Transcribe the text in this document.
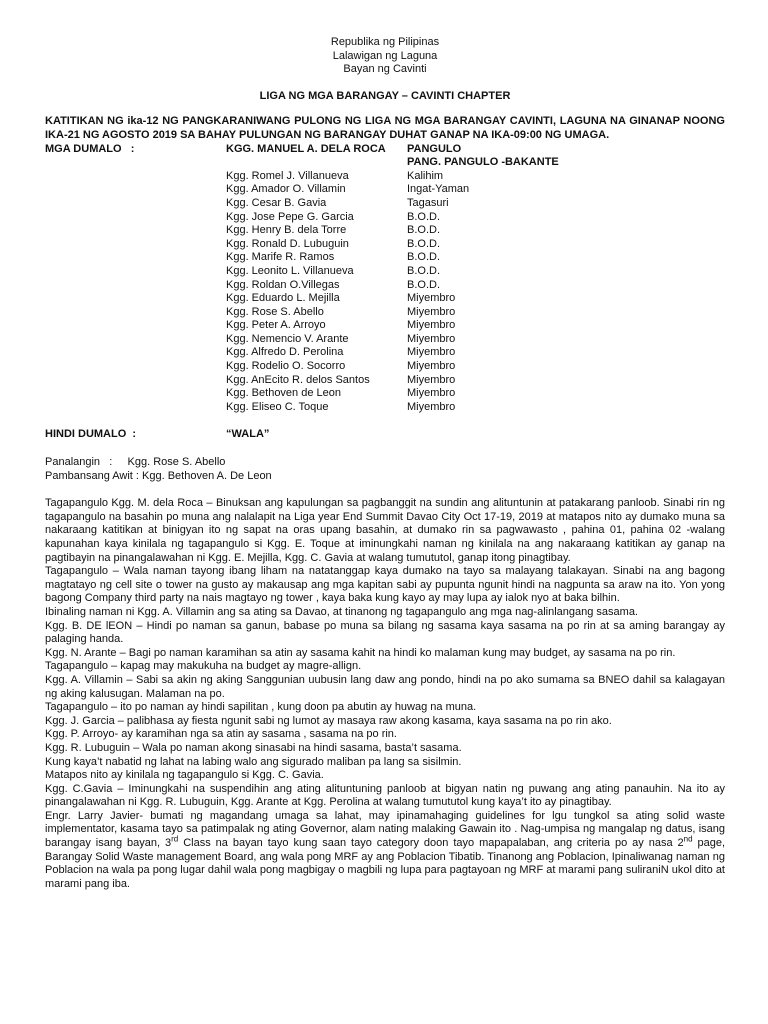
Republika ng Pilipinas
Lalawigan ng Laguna
Bayan ng Cavinti
LIGA NG MGA BARANGAY – CAVINTI CHAPTER
KATITIKAN NG ika-12 NG PANGKARANIWANG PULONG NG LIGA NG MGA BARANGAY CAVINTI, LAGUNA NA GINANAP NOONG IKA-21 NG AGOSTO 2019 SA BAHAY PULUNGAN NG BARANGAY DUHAT GANAP NA IKA-09:00 NG UMAGA.
MGA DUMALO   :	KGG. MANUEL A. DELA ROCA	PANGULO
		PANG. PANGULO -BAKANTE
	Kgg. Romel J. Villanueva	Kalihim
	Kgg. Amador O. Villamin	Ingat-Yaman
	Kgg. Cesar B. Gavia	Tagasuri
	Kgg. Jose Pepe G. Garcia	B.O.D.
	Kgg. Henry B. dela Torre	B.O.D.
	Kgg. Ronald D. Lubuguin	B.O.D.
	Kgg. Marife R. Ramos	B.O.D.
	Kgg. Leonito L. Villanueva	B.O.D.
	Kgg. Roldan O.Villegas	B.O.D.
	Kgg. Eduardo L. Mejilla	Miyembro
	Kgg. Rose S. Abello	Miyembro
	Kgg. Peter A. Arroyo	Miyembro
	Kgg. Nemencio V. Arante	Miyembro
	Kgg. Alfredo D. Perolina	Miyembro
	Kgg. Rodelio O. Socorro	Miyembro
	Kgg. AnEcito R. delos Santos	Miyembro
	Kgg. Bethoven de Leon	Miyembro
	Kgg. Eliseo C. Toque	Miyembro
HINDI DUMALO  :	“WALA”
Panalangin   :     Kgg. Rose S. Abello
Pambansang Awit : Kgg. Bethoven A. De Leon

Tagapangulo Kgg. M. dela Roca – Binuksan ang kapulungan sa pagbanggit na sundin ang alituntunin at patakarang panloob. Sinabi rin ng tagapangulo na basahin po muna ang nalalapit na Liga year End Summit Davao City Oct 17-19, 2019 at matapos nito ay dumako muna sa nakaraang katitikan at binigyan ito ng sapat na oras upang basahin, at dumako rin sa pagwawasto , pahina 01, pahina 02 -walang kapunahan kaya kinilala ng tagapangulo si Kgg. E. Toque at iminungkahi naman ng kinilala na ang nakaraang katitikan ay ganap na pagtibayin na pinangalawahan ni Kgg. E. Mejilla, Kgg. C. Gavia at walang tumututol, ganap itong pinagtibay.

Tagapangulo – Wala naman tayong ibang liham na natatanggap kaya dumako na tayo sa malayang talakayan. Sinabi na ang bagong magtatayo ng cell site o tower na gusto ay makausap ang mga kapitan sabi ay pupunta ngunit hindi na nagpunta sa araw na ito. Yon yong bagong Company third party na nais magtayo ng tower , kaya baka kung kayo ay may lupa ay ialok nyo at baka bilhin.

Ibinaling naman ni Kgg. A. Villamin ang sa ating sa Davao, at tinanong ng tagapangulo ang mga nag-alinlangang sasama.

Kgg. B. DE lEON – Hindi po naman sa ganun, babase po muna sa bilang ng sasama kaya sasama na po rin at sa aming barangay ay palaging handa.

Kgg. N. Arante – Bagi po naman karamihan sa atin ay sasama kahit na hindi ko malaman kung may budget, ay sasama na po rin.

Tagapangulo – kapag may makukuha na budget ay magre-allign.

Kgg. A. Villamin – Sabi sa akin ng aking Sanggunian uubusin lang daw ang pondo, hindi na po ako sumama sa BNEO dahil sa kalagayan ng aking kalusugan. Malaman na po.

Tagapangulo – ito po naman ay hindi sapilitan , kung doon pa abutin ay huwag na muna.

Kgg. J. Garcia – palibhasa ay fiesta ngunit sabi ng lumot ay masaya raw akong kasama, kaya sasama na po rin ako.

Kgg. P. Arroyo- ay karamihan nga sa atin ay sasama , sasama na po rin.

Kgg. R. Lubuguin – Wala po naman akong sinasabi na hindi sasama, basta’t sasama.

Kung kaya’t nabatid ng lahat na labing walo ang sigurado maliban pa lang sa sisilmin.

Matapos nito ay kinilala ng tagapangulo si Kgg. C. Gavia.

Kgg. C.Gavia – Iminungkahi na suspendihin ang ating alituntuning panloob at bigyan natin ng puwang ang ating panauhin. Na ito ay pinangalawahan ni Kgg. R. Lubuguin, Kgg. Arante at Kgg. Perolina at walang tumututol kung kaya’t ito ay pinagtibay.

Engr. Larry Javier- bumati ng magandang umaga sa lahat, may ipinamahaging guidelines for lgu tungkol sa ating solid waste implementator, kasama tayo sa patimpalak ng ating Governor, alam nating malaking Gawain ito . Nag-umpisa ng mangalap ng datus, isang barangay isang bayan, 3rd Class na bayan tayo kung saan tayo category doon tayo mapapalaban, ang criteria po ay nasa 2nd page, Barangay Solid Waste management Board, ang wala pong MRF ay ang Poblacion Tibatib. Tinanong ang Poblacion, Ipinaliwanag naman ng Poblacion na wala pa pong lugar dahil wala pong magbigay o magbili ng lupa para pagtayoan ng MRF at marami pang suliraniN ukol dito at marami pang iba.
